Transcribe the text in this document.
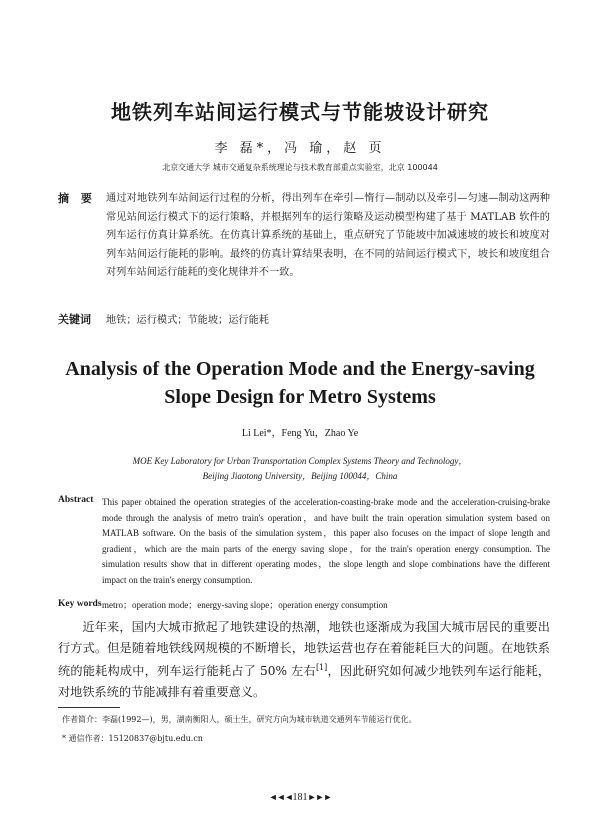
地铁列车站间运行模式与节能坡设计研究
李 磊*，冯 瑜，赵 页
北京交通大学 城市交通复杂系统理论与技术教育部重点实验室，北京 100044
摘 要 通过对地铁列车站间运行过程的分析，得出列车在牵引—惰行—制动以及牵引—匀速—制动这两种常见站间运行模式下的运行策略，并根据列车的运行策略及运动模型构建了基于 MATLAB 软件的列车运行仿真计算系统。在仿真计算系统的基础上，重点研究了节能坡中加减速坡的坡长和坡度对列车站间运行能耗的影响。最终的仿真计算结果表明，在不同的站间运行模式下，坡长和坡度组合对列车站间运行能耗的变化规律并不一致。

关键词 地铁；运行模式；节能坡；运行能耗
Analysis of the Operation Mode and the Energy-saving Slope Design for Metro Systems
Li Lei*，Feng Yu，Zhao Ye
MOE Key Laboratory for Urban Transportation Complex Systems Theory and Technology，
Beijing Jiaotong University，Beijing 100044，China
Abstract This paper obtained the operation strategies of the acceleration-coasting-brake mode and the acceleration-cruising-brake mode through the analysis of metro train's operation，and have built the train operation simulation system based on MATLAB software. On the basis of the simulation system，this paper also focuses on the impact of slope length and gradient，which are the main parts of the energy saving slope，for the train's operation energy consumption. The simulation results show that in different operating modes，the slope length and slope combinations have the different impact on the train's energy consumption.

Key words metro；operation mode；energy-saving slope；operation energy consumption

近年来，国内大城市掀起了地铁建设的热潮，地铁也逐渐成为我国大城市居民的重要出行方式。但是随着地铁线网规模的不断增长，地铁运营也存在着能耗巨大的问题。在地铁系统的能耗构成中，列车运行能耗占了 50% 左右[1]，因此研究如何减少地铁列车运行能耗，对地铁系统的节能减排有着重要意义。

作者简介：李磊(1992—)，男，湖南衡阳人，硕士生，研究方向为城市轨道交通列车节能运行优化。
* 通信作者：15120837@bjtu.edu.cn
◄◄◄181►►►
